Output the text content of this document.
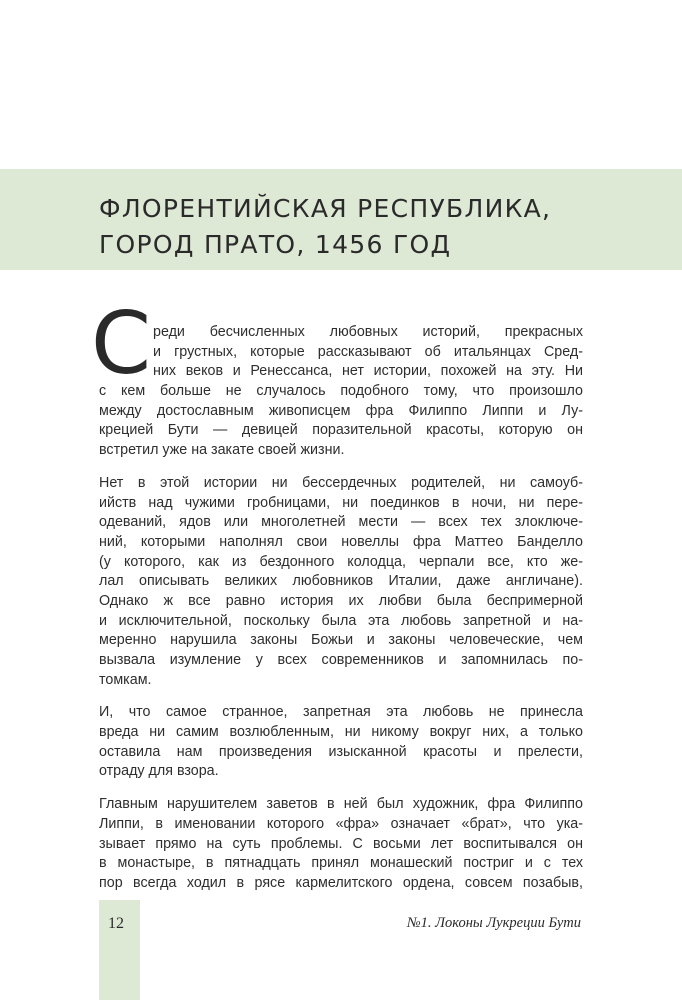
ФЛОРЕНТИЙСКАЯ РЕСПУБЛИКА,
ГОРОД ПРАТО, 1456 ГОД
С реди бесчисленных любовных историй, прекрасных
и грустных, которые рассказывают об итальянцах Сред-
них веков и Ренессанса, нет истории, похожей на эту. Ни
с кем больше не случалось подобного тому, что произошло
между достославным живописцем фра Филиппо Липпи и Лу-
крецией Бути — девицей поразительной красоты, которую он
встретил уже на закате своей жизни.
Нет в этой истории ни бессердечных родителей, ни самоуб-
ийств над чужими гробницами, ни поединков в ночи, ни пере-
одеваний, ядов или многолетней мести — всех тех злоключе-
ний, которыми наполнял свои новеллы фра Маттео Банделло
(у которого, как из бездонного колодца, черпали все, кто же-
лал описывать великих любовников Италии, даже англичане).
Однако ж все равно история их любви была беспримерной
и исключительной, поскольку была эта любовь запретной и на-
меренно нарушила законы Божьи и законы человеческие, чем
вызвала изумление у всех современников и запомнилась по-
томкам.
И, что самое странное, запретная эта любовь не принесла
вреда ни самим возлюбленным, ни никому вокруг них, а только
оставила нам произведения изысканной красоты и прелести,
отраду для взора.
Главным нарушителем заветов в ней был художник, фра Филиппо
Липпи, в именовании которого «фра» означает «брат», что ука-
зывает прямо на суть проблемы. С восьми лет воспитывался он
в монастыре, в пятнадцать принял монашеский постриг и с тех
пор всегда ходил в рясе кармелитского ордена, совсем позабыв,
12	№1. Локоны Лукреции Бути
